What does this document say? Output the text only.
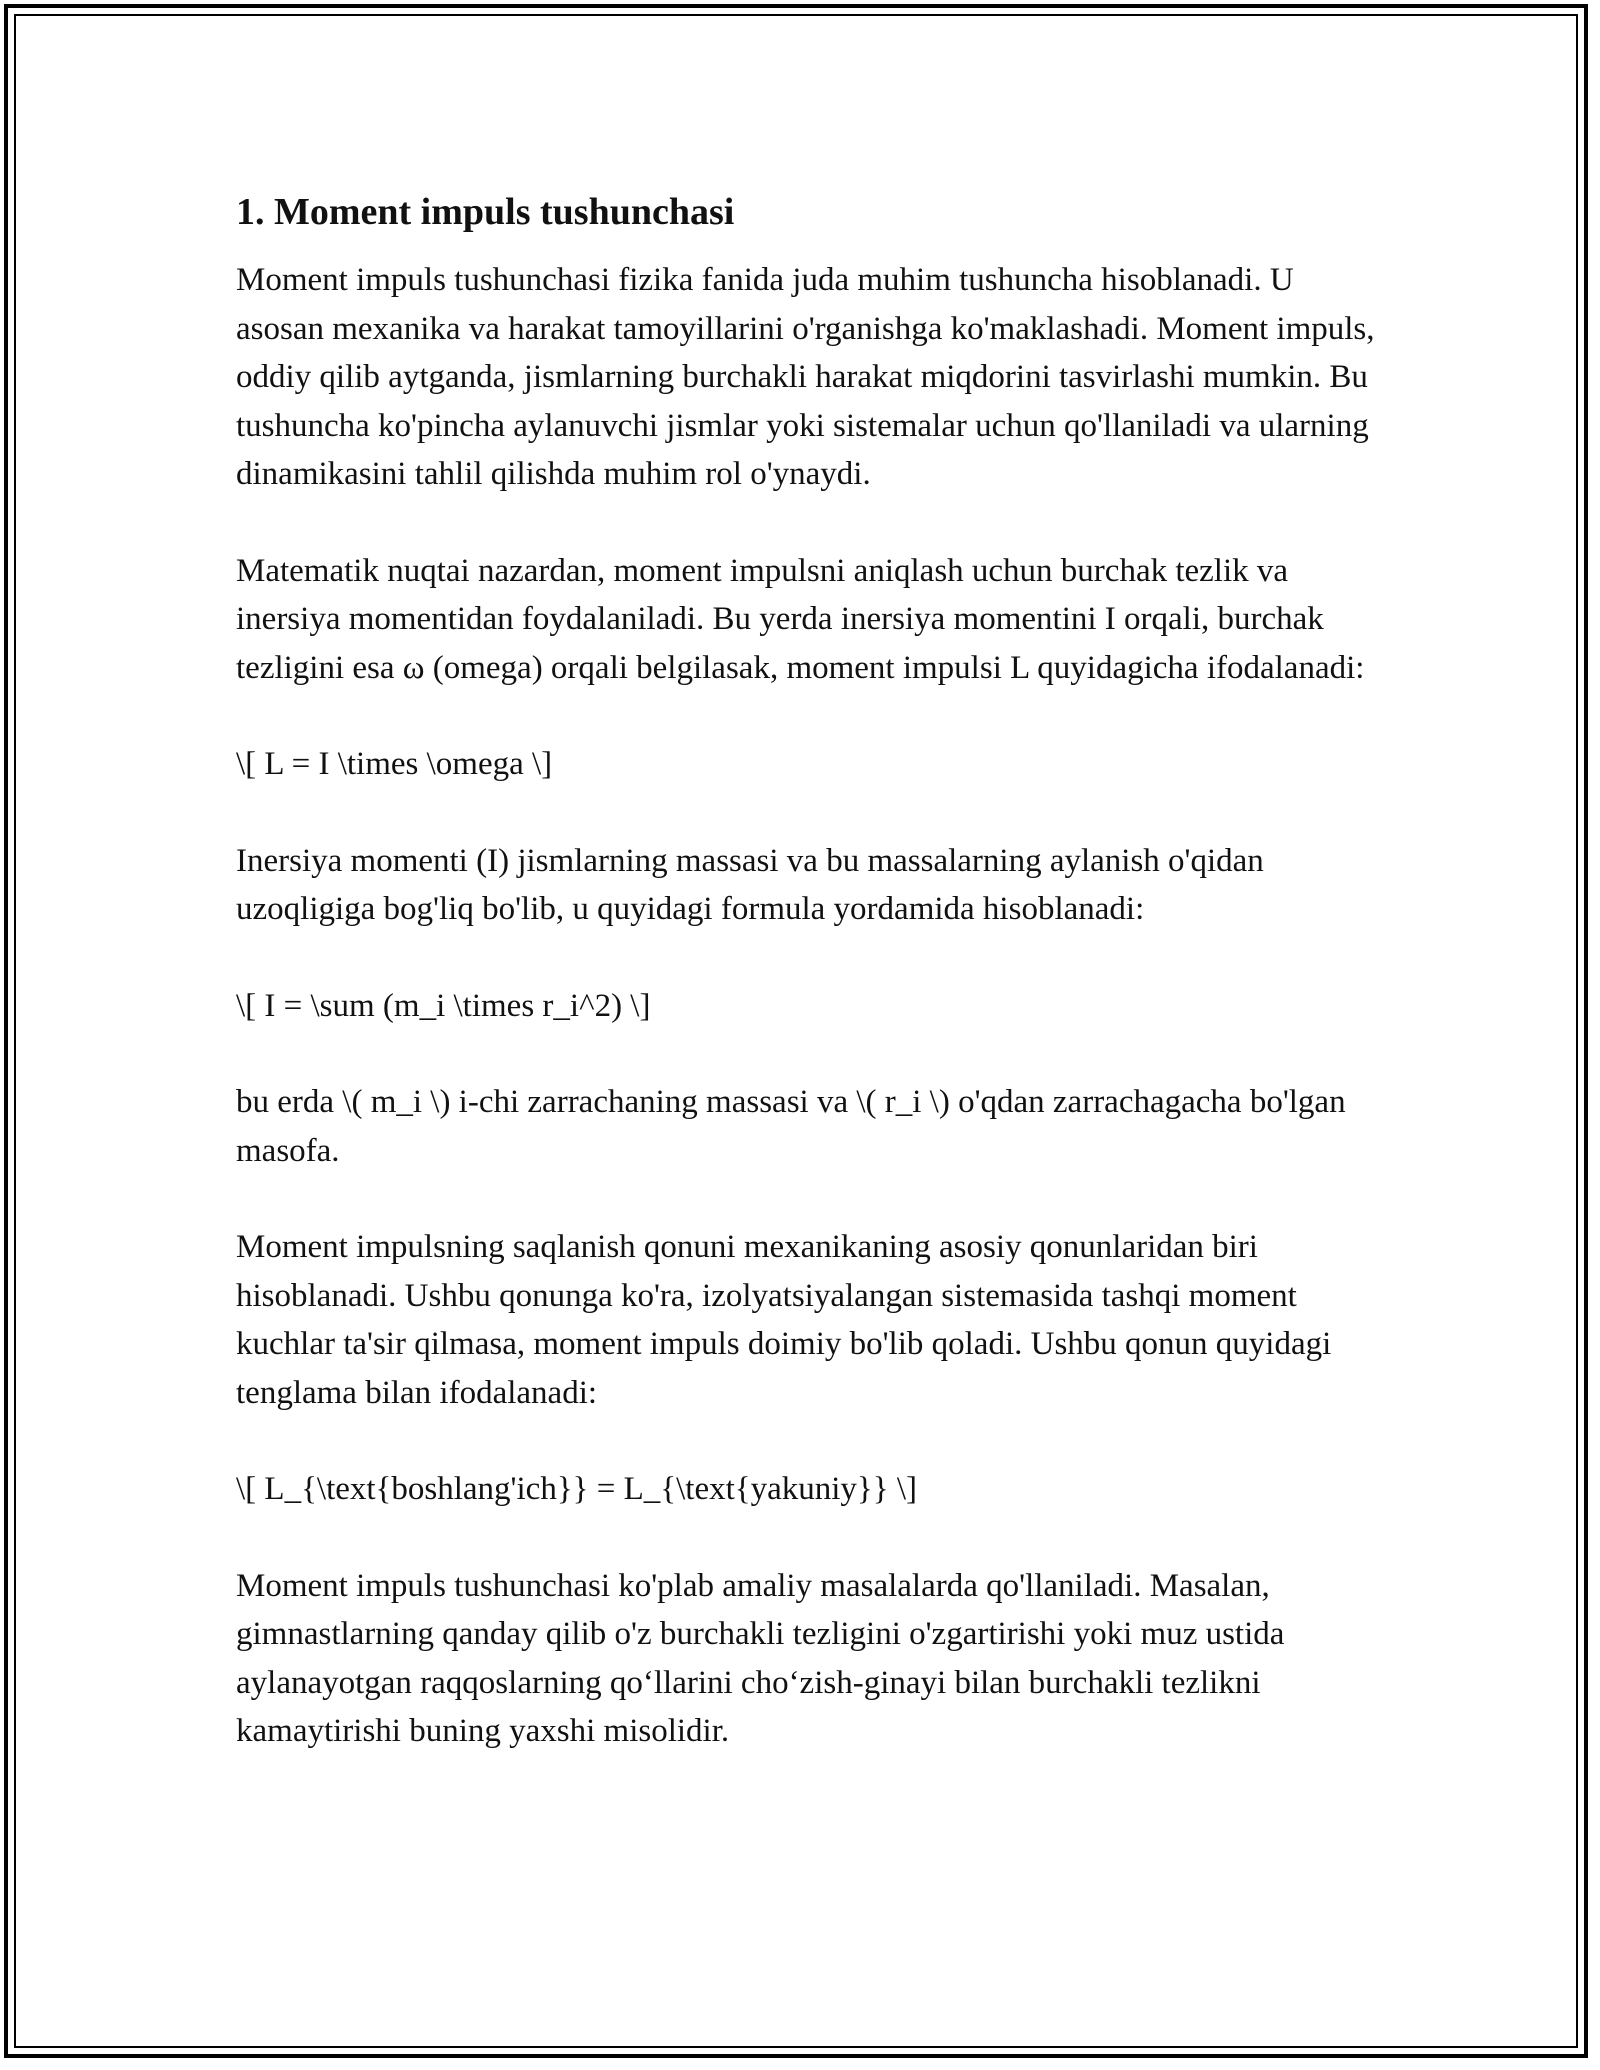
1. Moment impuls tushunchasi

Moment impuls tushunchasi fizika fanida juda muhim tushuncha hisoblanadi. U asosan mexanika va harakat tamoyillarini o'rganishga ko'maklashadi. Moment impuls, oddiy qilib aytganda, jismlarning burchakli harakat miqdorini tasvirlashi mumkin. Bu tushuncha ko'pincha aylanuvchi jismlar yoki sistemalar uchun qo'llaniladi va ularning dinamikasini tahlil qilishda muhim rol o'ynaydi.

Matematik nuqtai nazardan, moment impulsni aniqlash uchun burchak tezlik va inersiya momentidan foydalaniladi. Bu yerda inersiya momentini I orqali, burchak tezligini esa ω (omega) orqali belgilasak, moment impulsi L quyidagicha ifodalanadi:

\[ L = I \times \omega \]

Inersiya momenti (I) jismlarning massasi va bu massalarning aylanish o'qidan uzoqligiga bog'liq bo'lib, u quyidagi formula yordamida hisoblanadi:

\[ I = \sum (m_i \times r_i^2) \]

bu erda \( m_i \) i-chi zarrachaning massasi va \( r_i \) o'qdan zarrachagacha bo'lgan masofa.

Moment impulsning saqlanish qonuni mexanikaning asosiy qonunlaridan biri hisoblanadi. Ushbu qonunga ko'ra, izolyatsiyalangan sistemasida tashqi moment kuchlar ta'sir qilmasa, moment impuls doimiy bo'lib qoladi. Ushbu qonun quyidagi tenglama bilan ifodalanadi:

\[ L_{\text{boshlang'ich}} = L_{\text{yakuniy}} \]

Moment impuls tushunchasi ko'plab amaliy masalalarda qo'llaniladi. Masalan, gimnastlarning qanday qilib o'z burchakli tezligini o'zgartirishi yoki muz ustida aylanayotgan raqqoslarning qo‘llarini cho‘zish-ginayi bilan burchakli tezlikni kamaytirishi buning yaxshi misolidir.
